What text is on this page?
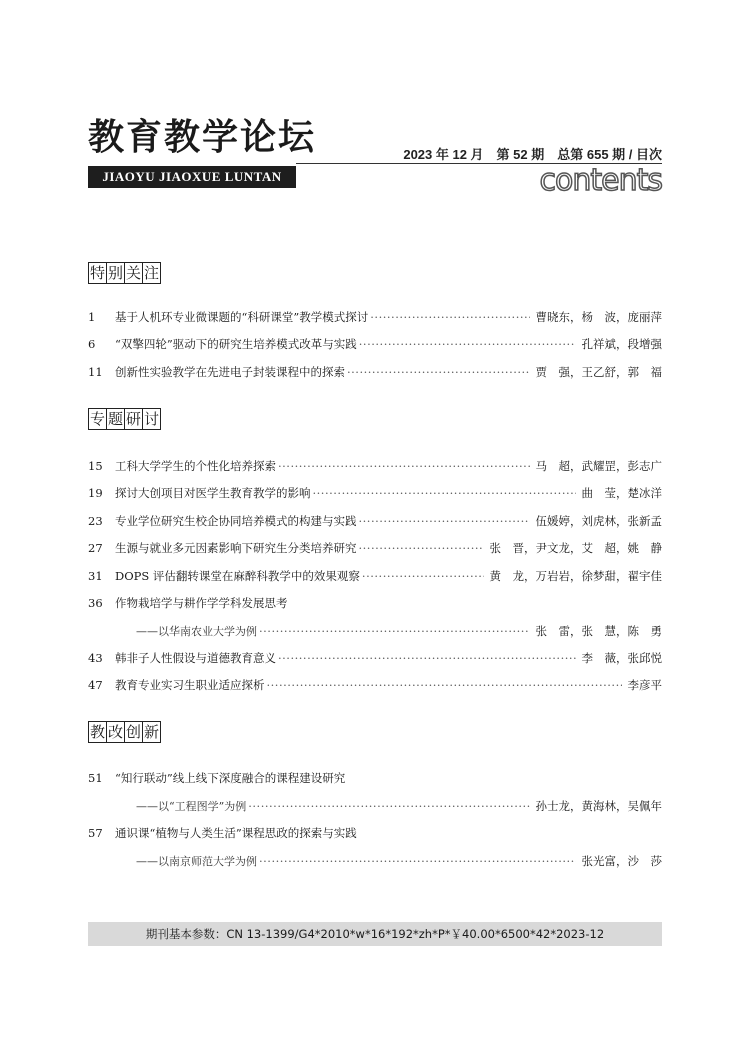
教育教学论坛	2023 年 12 月　第 52 期　总第 655 期 / 目次
JIAOYU JIAOXUE LUNTAN	contents
特 别 关 注
1	基于人机环专业微课题的“科研课堂”教学模式探讨 ·····	曹晓东，杨　波，庞丽萍
6	“双擎四轮”驱动下的研究生培养模式改革与实践 ·····	孔祥斌，段增强
11	创新性实验教学在先进电子封装课程中的探索 ·····	贾　强，王乙舒，郭　福
专 题 研 讨
15	工科大学学生的个性化培养探索 ·····	马　超，武耀罡，彭志广
19	探讨大创项目对医学生教育教学的影响 ·····	曲　莹，楚冰洋
23	专业学位研究生校企协同培养模式的构建与实践 ·····	伍媛婷，刘虎林，张新孟
27	生源与就业多元因素影响下研究生分类培养研究 ·····	张　晋，尹文龙，艾　超，姚　静
31	DOPS 评估翻转课堂在麻醉科教学中的效果观察 ·····	黄　龙，万岩岩，徐梦甜，翟宇佳
36	作物栽培学与耕作学学科发展思考
——以华南农业大学为例 ·····	张　雷，张　慧，陈　勇
43	韩非子人性假设与道德教育意义 ·····	李　薇，张邱悦
47	教育专业实习生职业适应探析 ·····	李彦平
教 改 创 新
51	“知行联动”线上线下深度融合的课程建设研究
——以“工程图学”为例 ·····	孙士龙，黄海林，吴佩年
57	通识课“植物与人类生活”课程思政的探索与实践
——以南京师范大学为例 ·····	张光富，沙　莎
期刊基本参数：CN 13-1399/G4*2010*w*16*192*zh*P*￥40.00*6500*42*2023-12
